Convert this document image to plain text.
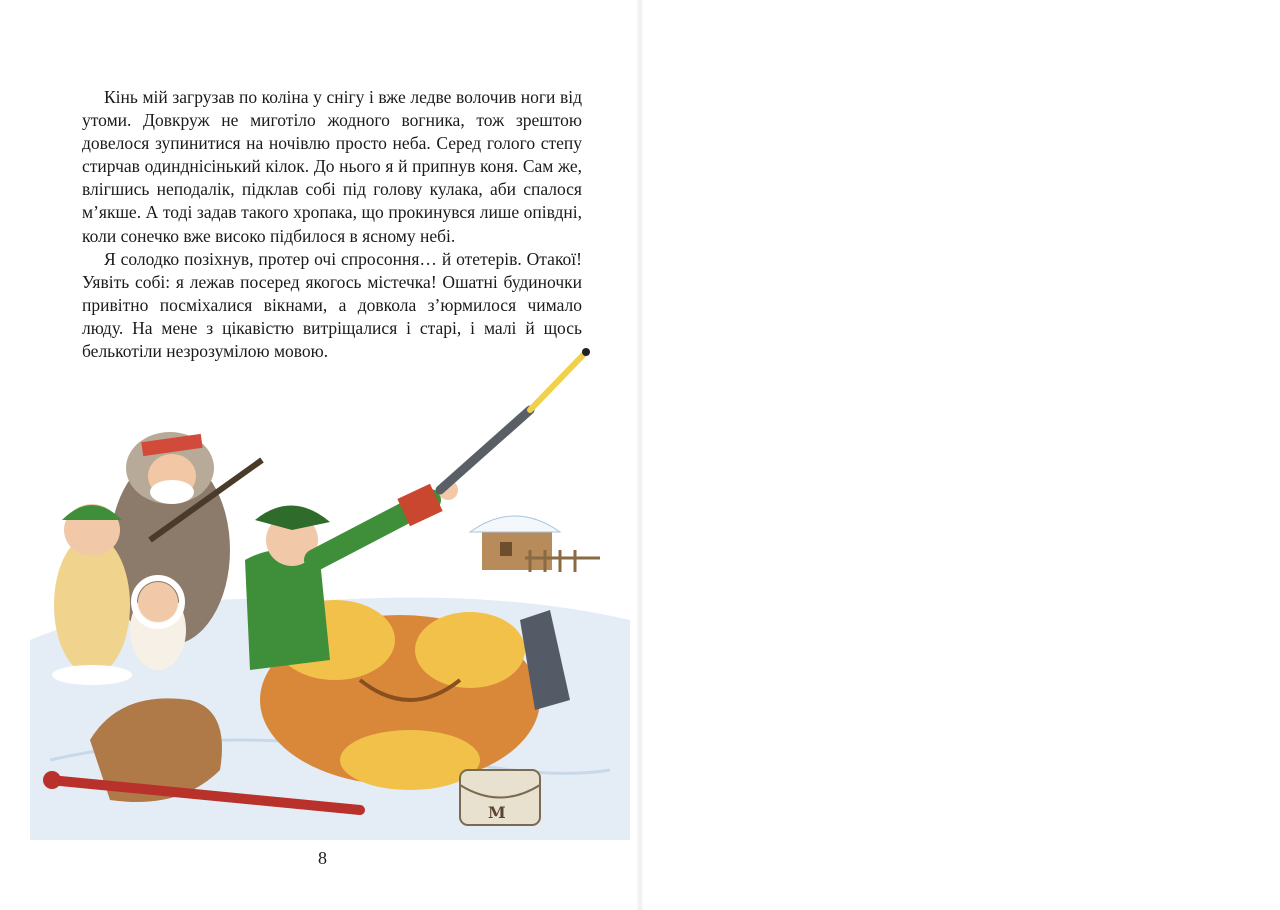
Кінь мій загрузав по коліна у снігу і вже ледве волочив ноги від утоми. Довкруж не миготіло жодного вогника, тож зрештою довелося зупинитися на ночівлю просто неба. Серед голого степу стирчав одинднісінький кілок. До нього я й припнув коня. Сам же, влігшись неподалік, підклав собі під голову кулака, аби спалося м’якше. А тоді задав такого хропака, що прокинувся лише опівдні, коли сонечко вже високо підбилося в ясному небі.

Я солодко позіхнув, протер очі спросоння… й отетерів. Отакої! Уявіть собі: я лежав посеред якогось містечка! Ошатні будиночки привітно посміхалися вікнами, а довкола з’юрмилося чимало люду. На мене з цікавістю витріщалися і старі, і малі й щось белькотіли незрозумілою мовою.

М
8
